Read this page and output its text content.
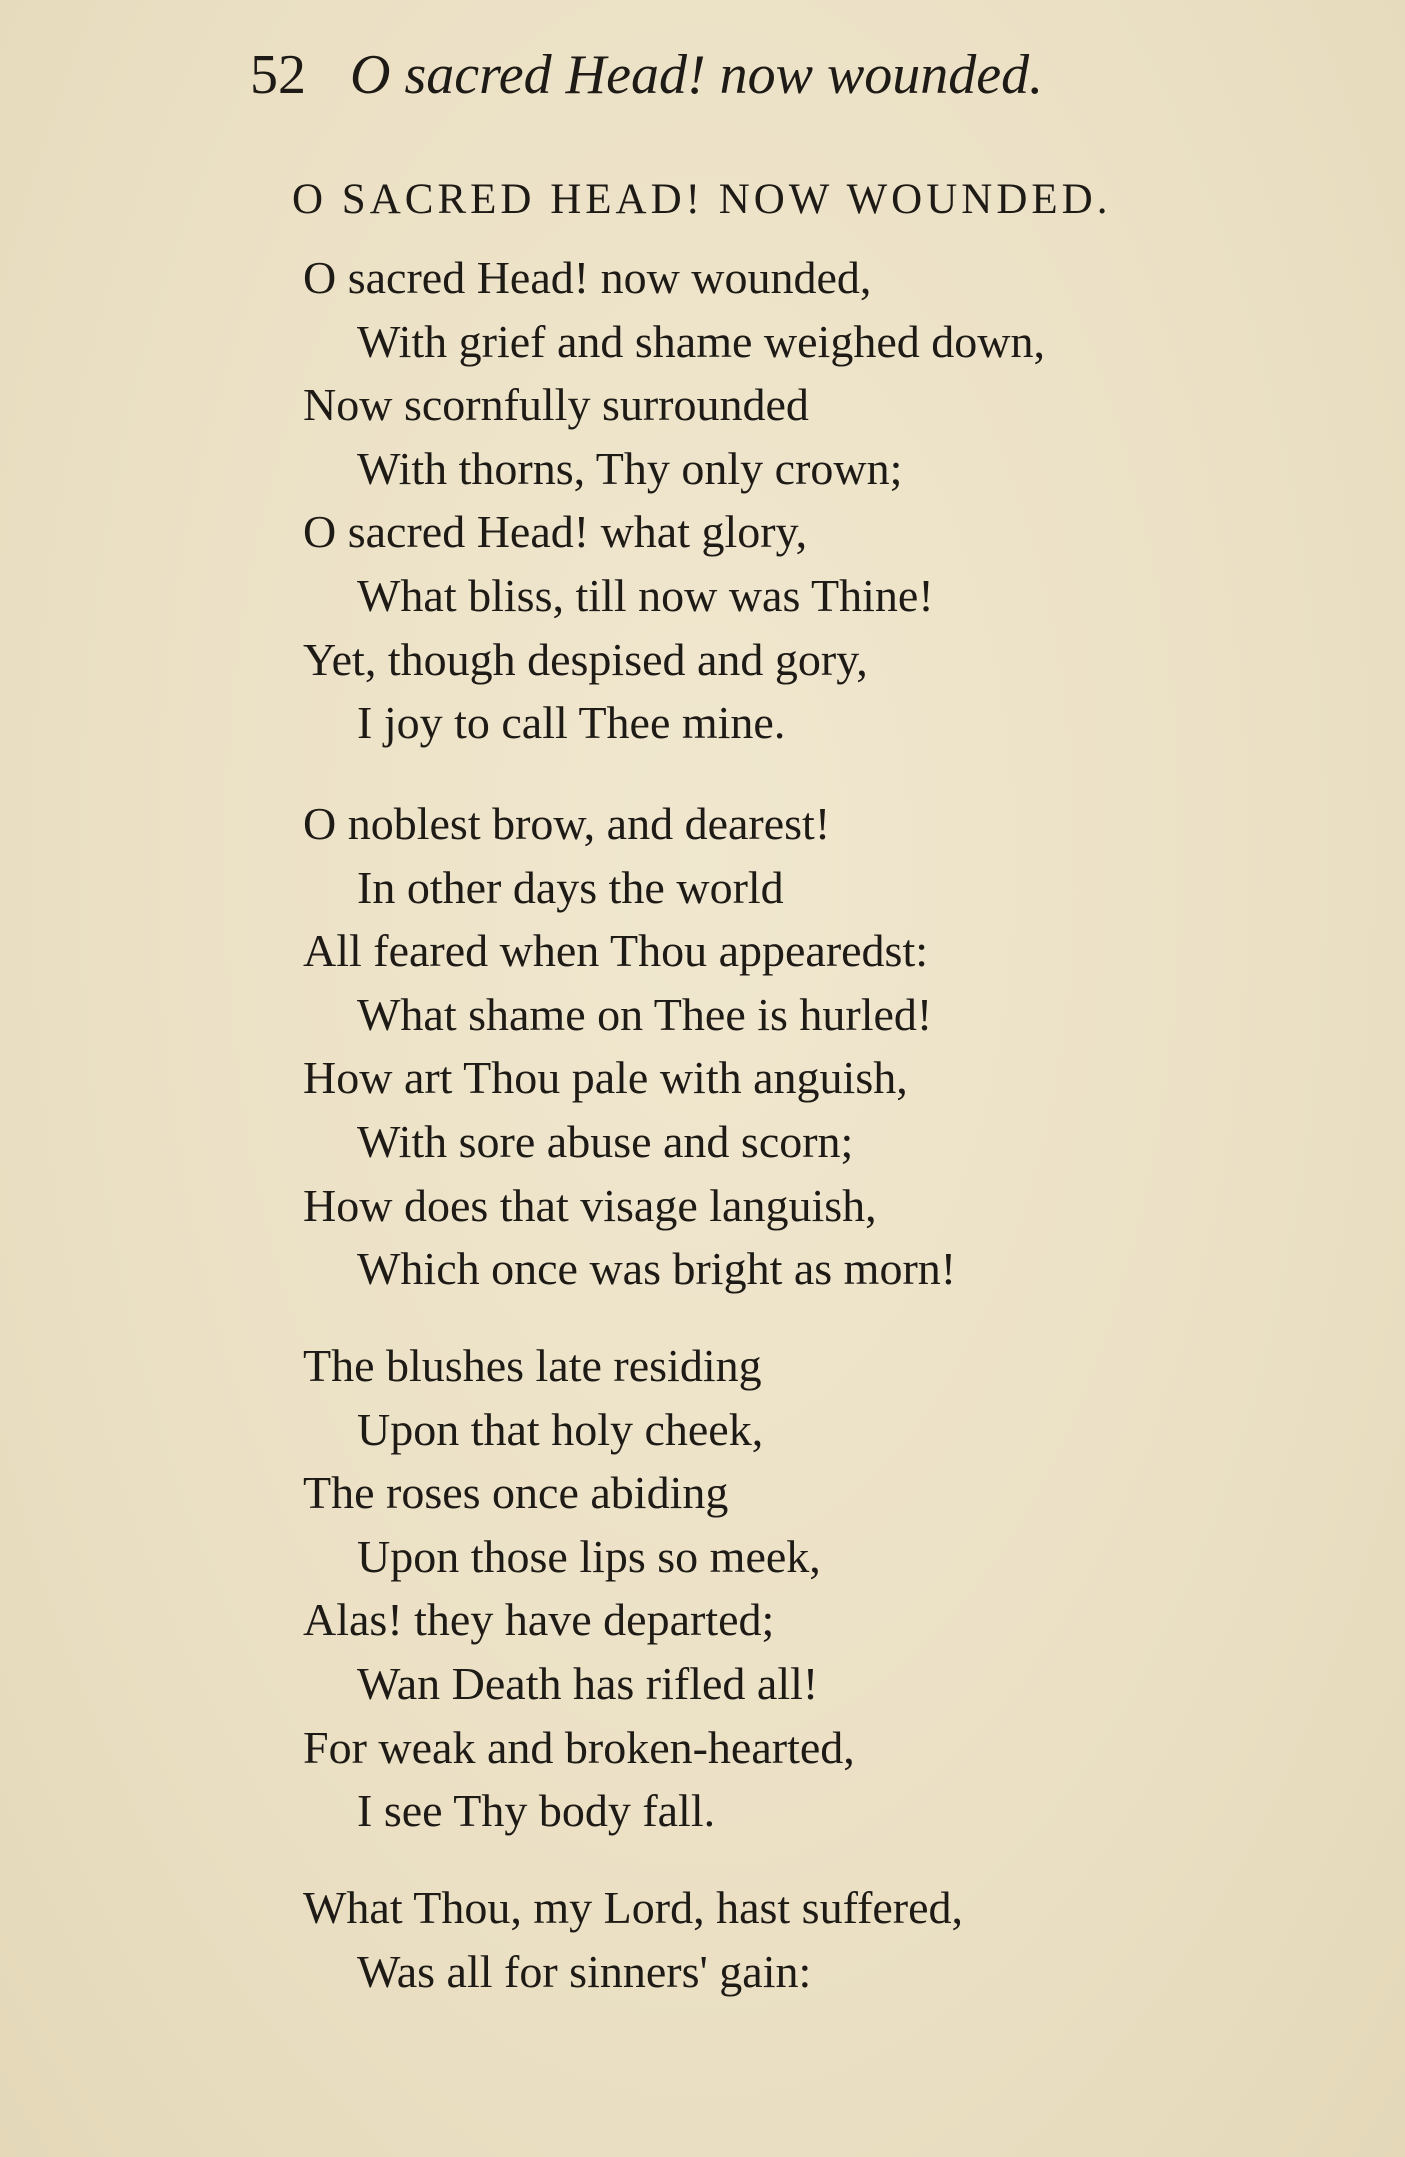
52 O sacred Head! now wounded.
O SACRED HEAD! NOW WOUNDED.
O sacred Head! now wounded,
With grief and shame weighed down,
Now scornfully surrounded
With thorns, Thy only crown;
O sacred Head! what glory,
What bliss, till now was Thine!
Yet, though despised and gory,
I joy to call Thee mine.
O noblest brow, and dearest!
In other days the world
All feared when Thou appearedst:
What shame on Thee is hurled!
How art Thou pale with anguish,
With sore abuse and scorn;
How does that visage languish,
Which once was bright as morn!
The blushes late residing
Upon that holy cheek,
The roses once abiding
Upon those lips so meek,
Alas! they have departed;
Wan Death has rifled all!
For weak and broken-hearted,
I see Thy body fall.
What Thou, my Lord, hast suffered,
Was all for sinners' gain:
